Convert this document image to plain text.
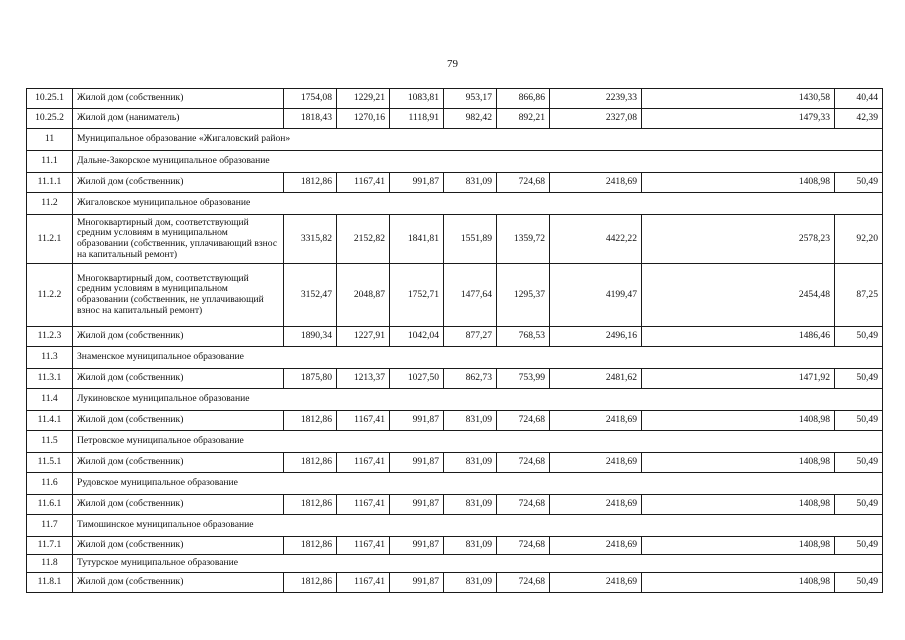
79
10.25.1	Жилой дом (собственник)	1754,08	1229,21	1083,81	953,17	866,86	2239,33	1430,58	40,44
10.25.2	Жилой дом (наниматель)	1818,43	1270,16	1118,91	982,42	892,21	2327,08	1479,33	42,39
11	Муниципальное образование «Жигаловский район»								
11.1	Дальне-Закорское муниципальное образование								
11.1.1	Жилой дом (собственник)	1812,86	1167,41	991,87	831,09	724,68	2418,69	1408,98	50,49
11.2	Жигаловское муниципальное образование								
11.2.1	Многоквартирный дом, соответствующий средним условиям в муниципальном образовании (собственник, уплачивающий взнос на капитальный ремонт)	3315,82	2152,82	1841,81	1551,89	1359,72	4422,22	2578,23	92,20
11.2.2	Многоквартирный дом, соответствующий средним условиям в муниципальном образовании (собственник, не уплачивающий взнос на капитальный ремонт)	3152,47	2048,87	1752,71	1477,64	1295,37	4199,47	2454,48	87,25
11.2.3	Жилой дом (собственник)	1890,34	1227,91	1042,04	877,27	768,53	2496,16	1486,46	50,49
11.3	Знаменское муниципальное образование								
11.3.1	Жилой дом (собственник)	1875,80	1213,37	1027,50	862,73	753,99	2481,62	1471,92	50,49
11.4	Лукиновское муниципальное образование								
11.4.1	Жилой дом (собственник)	1812,86	1167,41	991,87	831,09	724,68	2418,69	1408,98	50,49
11.5	Петровское муниципальное образование								
11.5.1	Жилой дом (собственник)	1812,86	1167,41	991,87	831,09	724,68	2418,69	1408,98	50,49
11.6	Рудовское муниципальное образование								
11.6.1	Жилой дом (собственник)	1812,86	1167,41	991,87	831,09	724,68	2418,69	1408,98	50,49
11.7	Тимошинское муниципальное образование								
11.7.1	Жилой дом (собственник)	1812,86	1167,41	991,87	831,09	724,68	2418,69	1408,98	50,49
11.8	Тутурское муниципальное образование								
11.8.1	Жилой дом (собственник)	1812,86	1167,41	991,87	831,09	724,68	2418,69	1408,98	50,49
